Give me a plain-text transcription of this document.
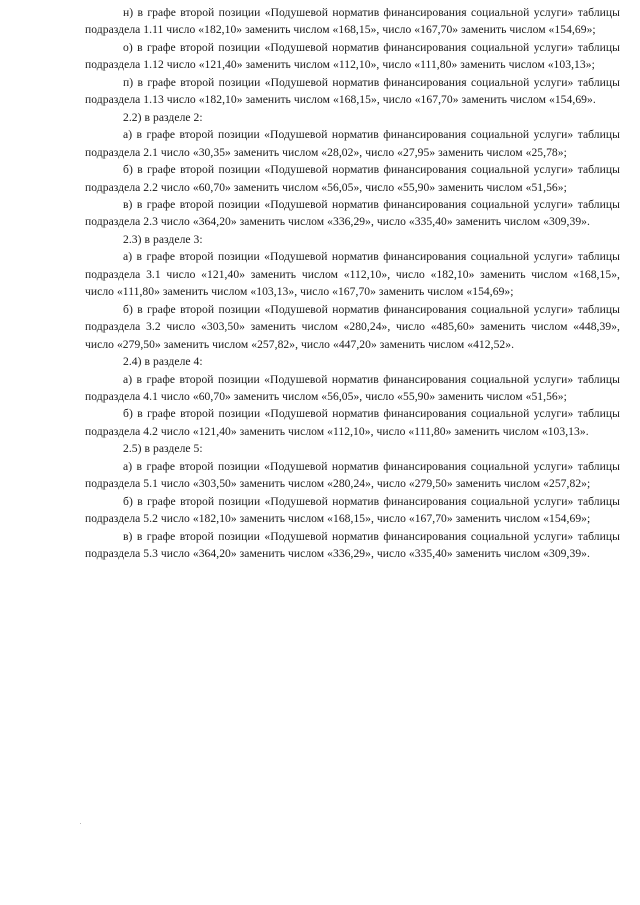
н) в графе второй позиции «Подушевой норматив финансирования социальной услуги» таблицы подраздела 1.11 число «182,10» заменить числом «168,15», число «167,70» заменить числом «154,69»;

о) в графе второй позиции «Подушевой норматив финансирования социальной услуги» таблицы подраздела 1.12 число «121,40» заменить числом «112,10», число «111,80» заменить числом «103,13»;

п) в графе второй позиции «Подушевой норматив финансирования социальной услуги» таблицы подраздела 1.13 число «182,10» заменить числом «168,15», число «167,70» заменить числом «154,69».

2.2) в разделе 2:

а) в графе второй позиции «Подушевой норматив финансирования социальной услуги» таблицы подраздела 2.1 число «30,35» заменить числом «28,02», число «27,95» заменить числом «25,78»;

б) в графе второй позиции «Подушевой норматив финансирования социальной услуги» таблицы подраздела 2.2 число «60,70» заменить числом «56,05», число «55,90» заменить числом «51,56»;

в) в графе второй позиции «Подушевой норматив финансирования социальной услуги» таблицы подраздела 2.3 число «364,20» заменить числом «336,29», число «335,40» заменить числом «309,39».

2.3) в разделе 3:

а) в графе второй позиции «Подушевой норматив финансирования социальной услуги» таблицы подраздела 3.1 число «121,40» заменить числом «112,10», число «182,10» заменить числом «168,15», число «111,80» заменить числом «103,13», число «167,70» заменить числом «154,69»;

б) в графе второй позиции «Подушевой норматив финансирования социальной услуги» таблицы подраздела 3.2 число «303,50» заменить числом «280,24», число «485,60» заменить числом «448,39», число «279,50» заменить числом «257,82», число «447,20» заменить числом «412,52».

2.4) в разделе 4:

а) в графе второй позиции «Подушевой норматив финансирования социальной услуги» таблицы подраздела 4.1 число «60,70» заменить числом «56,05», число «55,90» заменить числом «51,56»;

б) в графе второй позиции «Подушевой норматив финансирования социальной услуги» таблицы подраздела 4.2 число «121,40» заменить числом «112,10», число «111,80» заменить числом «103,13».

2.5) в разделе 5:

а) в графе второй позиции «Подушевой норматив финансирования социальной услуги» таблицы подраздела 5.1 число «303,50» заменить числом «280,24», число «279,50» заменить числом «257,82»;

б) в графе второй позиции «Подушевой норматив финансирования социальной услуги» таблицы подраздела 5.2 число «182,10» заменить числом «168,15», число «167,70» заменить числом «154,69»;

в) в графе второй позиции «Подушевой норматив финансирования социальной услуги» таблицы подраздела 5.3 число «364,20» заменить числом «336,29», число «335,40» заменить числом «309,39».
